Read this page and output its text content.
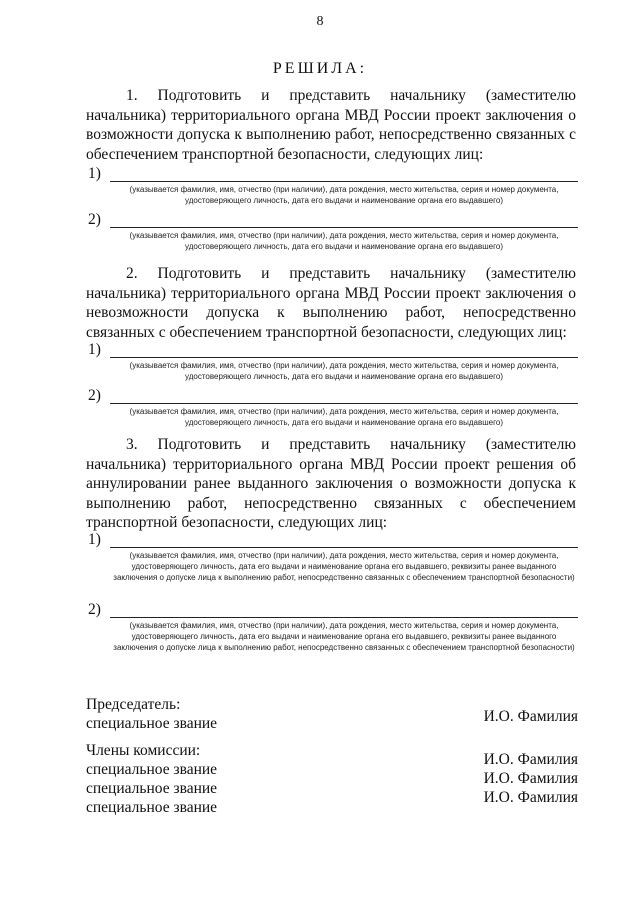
8
РЕШИЛА:
1. Подготовить и представить начальнику (заместителю начальника) территориального органа МВД России проект заключения о возможности допуска к выполнению работ, непосредственно связанных с обеспечением транспортной безопасности, следующих лиц:
1)
(указывается фамилия, имя, отчество (при наличии), дата рождения, место жительства, серия и номер документа, удостоверяющего личность, дата его выдачи и наименование органа его выдавшего)
2)
(указывается фамилия, имя, отчество (при наличии), дата рождения, место жительства, серия и номер документа, удостоверяющего личность, дата его выдачи и наименование органа его выдавшего)
2. Подготовить и представить начальнику (заместителю начальника) территориального органа МВД России проект заключения о невозможности допуска к выполнению работ, непосредственно связанных с обеспечением транспортной безопасности, следующих лиц:
1)
(указывается фамилия, имя, отчество (при наличии), дата рождения, место жительства, серия и номер документа, удостоверяющего личность, дата его выдачи и наименование органа его выдавшего)
2)
(указывается фамилия, имя, отчество (при наличии), дата рождения, место жительства, серия и номер документа, удостоверяющего личность, дата его выдачи и наименование органа его выдавшего)
3. Подготовить и представить начальнику (заместителю начальника) территориального органа МВД России проект решения об аннулировании ранее выданного заключения о возможности допуска к выполнению работ, непосредственно связанных с обеспечением транспортной безопасности, следующих лиц:
1)
(указывается фамилия, имя, отчество (при наличии), дата рождения, место жительства, серия и номер документа, удостоверяющего личность, дата его выдачи и наименование органа его выдавшего, реквизиты ранее выданного заключения о допуске лица к выполнению работ, непосредственно связанных с обеспечением транспортной безопасности)
2)
(указывается фамилия, имя, отчество (при наличии), дата рождения, место жительства, серия и номер документа, удостоверяющего личность, дата его выдачи и наименование органа его выдавшего, реквизиты ранее выданного заключения о допуске лица к выполнению работ, непосредственно связанных с обеспечением транспортной безопасности)
Председатель:
специальное звание	И.О. Фамилия
Члены комиссии:
специальное звание
специальное звание
специальное звание
И.О. Фамилия
И.О. Фамилия
И.О. Фамилия
